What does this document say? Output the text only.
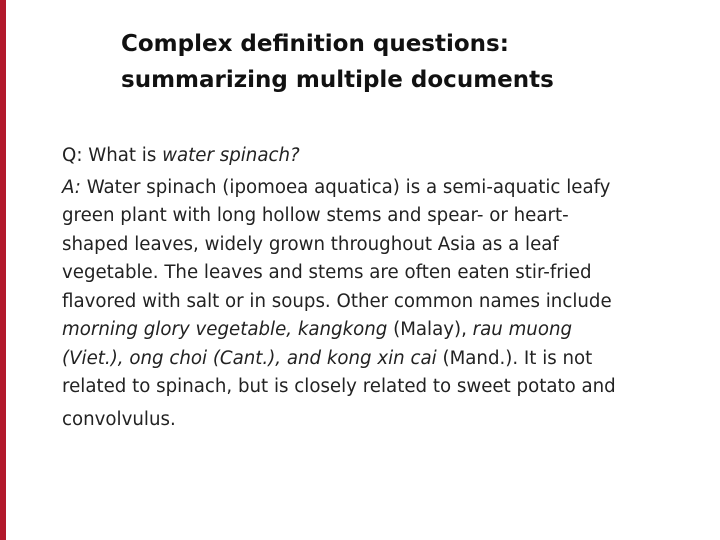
Complex definition questions:
summarizing multiple documents
Q: What is water spinach?
A: Water spinach (ipomoea aquatica) is a semi-aquatic leafy
green plant with long hollow stems and spear- or heart-
shaped leaves, widely grown throughout Asia as a leaf
vegetable. The leaves and stems are often eaten stir-fried
flavored with salt or in soups. Other common names include
morning glory vegetable, kangkong (Malay), rau muong
(Viet.), ong choi (Cant.), and kong xin cai (Mand.). It is not
related to spinach, but is closely related to sweet potato and
convolvulus.
